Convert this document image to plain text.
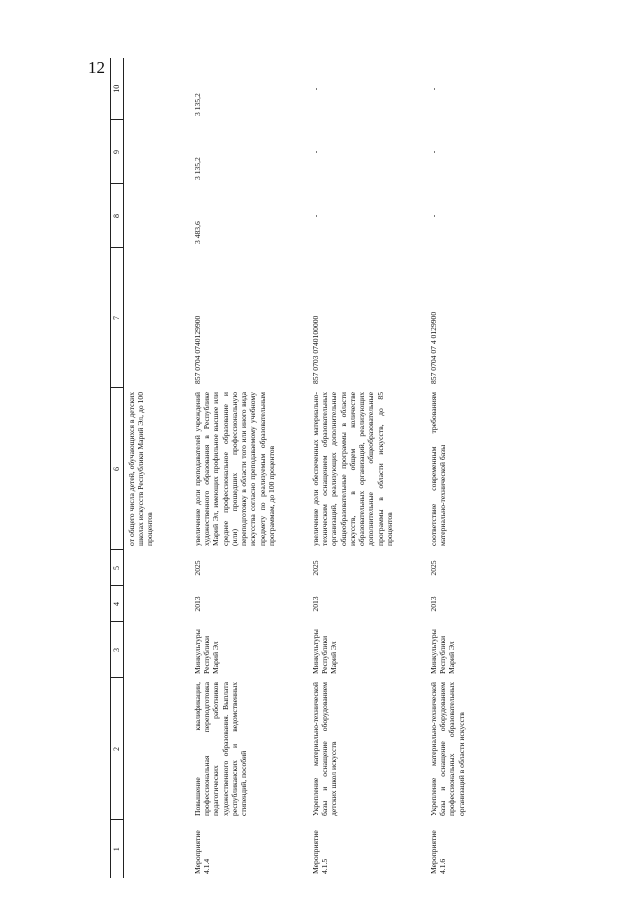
12
1	2	3	4	5	6	7	8	9	10
					от общего числа детей, обучающихся в детских школах искусств Республики Марий Эл, до 100 процентов				
Мероприятие 4.1.4	Повышение квалификации, профессиональная переподготовка педагогических работников художественного образования. Выплата республиканских и ведомственных стипендий, пособий	Минкультуры Республики Марий Эл	2013	2025	увеличение доли преподавателей учреждений художественного образования в Республике Марий Эл, имеющих профильное высшее или среднее профессиональное образование и (или) прошедших профессиональную переподготовку в области того или иного вида искусства согласно преподаваемому учебному предмету по реализуемым образовательным программам, до 100 процентов	857 0704 0740129900	3 483,6	3 135,2	3 135,2
Мероприятие 4.1.5	Укрепление материально-технической базы и оснащение оборудованием детских школ искусств	Минкультуры Республики Марий Эл	2013	2025	увеличение доли обеспеченных материально-техническим оснащением образовательных организаций, реализующих дополнительные общеобразовательные программы в области искусств, в общем количестве образовательных организаций, реализующих дополнительные общеобразовательные программы в области искусств, до 85 процентов	857 0703 0740100000	-	-	-
Мероприятие 4.1.6	Укрепление материально-технической базы и оснащение оборудованием профессиональных образовательных организаций в области искусств	Минкультуры Республики Марий Эл	2013	2025	соответствие современным требованиям материально-технической базы	857 0704 07 4 0129900	-	-	-
